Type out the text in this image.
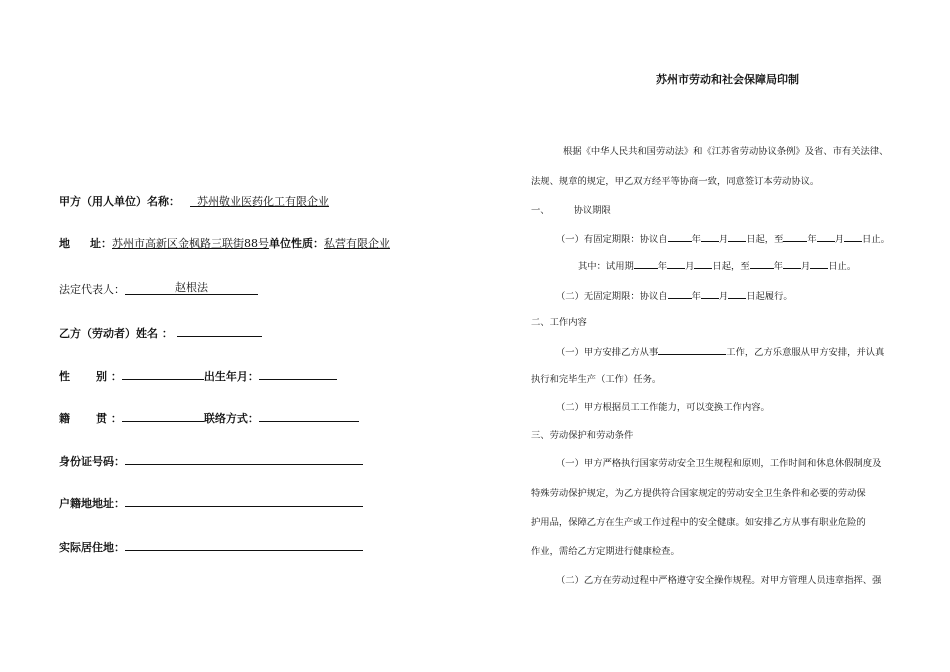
苏州市劳动和社会保障局印制
甲方（用人单位）名称： 苏州敬业医药化工有限企业
地 址：苏州市高新区金枫路三联街88号单位性质：私营有限企业
法定代表人：	赵根法
乙方（劳动者）姓名 ：
性 别 ：	出生年月：
籍 贯 ：	联络方式：
身份证号码：
户籍地地址：
实际居住地：
根据《中华人民共和国劳动法》和《江苏省劳动协议条例》及省、市有关法律、
法规、规章的规定，甲乙双方经平等协商一致，同意签订本劳动协议。
一、	协议期限
（一）有固定期限：协议自	年 月 日起，至	年 月 日止。
其中：试用期	年 月 日起，至	年 月 日止。
（二）无固定期限：协议自	年 月 日起履行。
二、工作内容
（一）甲方安排乙方从事	工作，乙方乐意服从甲方安排，并认真
执行和完毕生产（工作）任务。
（二）甲方根据员工工作能力，可以变换工作内容。
三、劳动保护和劳动条件
（一）甲方严格执行国家劳动安全卫生规程和原则，工作时间和休息休假制度及
特殊劳动保护规定，为乙方提供符合国家规定的劳动安全卫生条件和必要的劳动保
护用品，保障乙方在生产或工作过程中的安全健康。如安排乙方从事有职业危险的
作业，需给乙方定期进行健康检查。
（二）乙方在劳动过程中严格遵守安全操作规程。对甲方管理人员违章指挥、强
